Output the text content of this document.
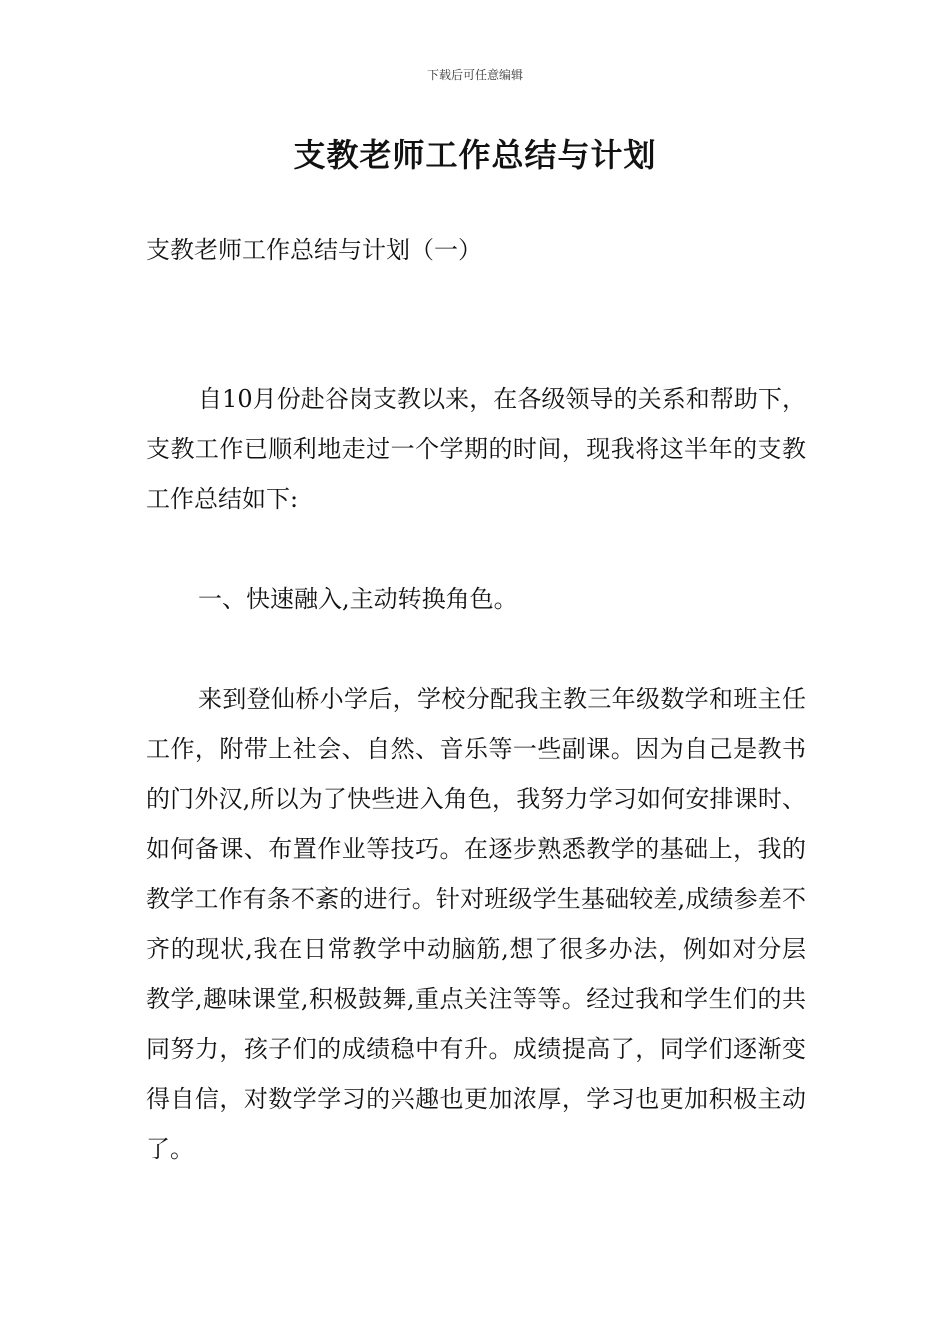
下载后可任意编辑
支教老师工作总结与计划
支教老师工作总结与计划（一）

自10月份赴谷岗支教以来，在各级领导的关系和帮助下，支教工作已顺利地走过一个学期的时间，现我将这半年的支教工作总结如下:

一、快速融入,主动转换角色。

来到登仙桥小学后，学校分配我主教三年级数学和班主任工作，附带上社会、自然、音乐等一些副课。因为自己是教书的门外汉,所以为了快些进入角色，我努力学习如何安排课时、如何备课、布置作业等技巧。在逐步熟悉教学的基础上，我的教学工作有条不紊的进行。针对班级学生基础较差,成绩参差不齐的现状,我在日常教学中动脑筋,想了很多办法，例如对分层教学,趣味课堂,积极鼓舞,重点关注等等。经过我和学生们的共同努力，孩子们的成绩稳中有升。成绩提高了，同学们逐渐变得自信，对数学学习的兴趣也更加浓厚，学习也更加积极主动了。
